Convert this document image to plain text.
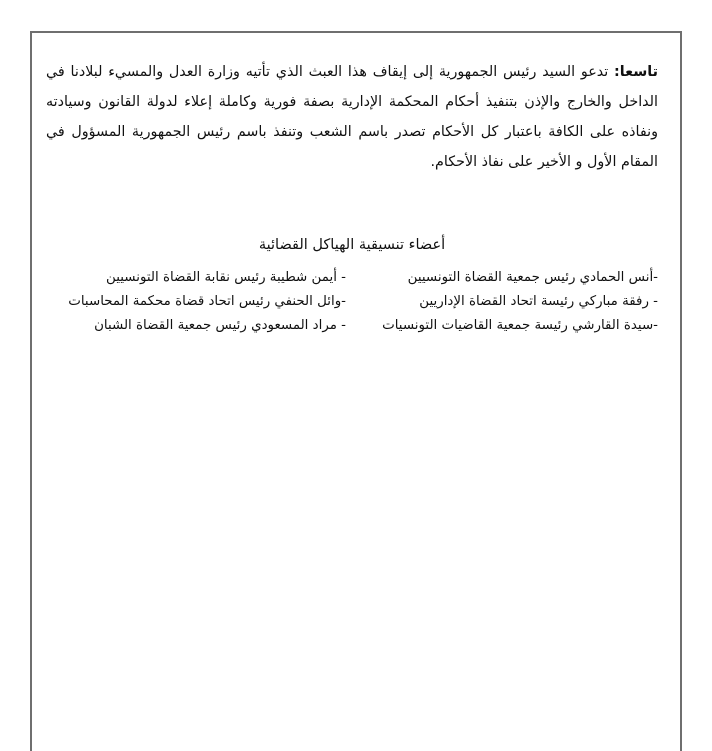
تاسعا: تدعو السيد رئيس الجمهورية إلى إيقاف هذا العبث الذي تأتيه وزارة العدل والمسيء لبلادنا في الداخل والخارج والإذن بتنفيذ أحكام المحكمة الإدارية بصفة فورية وكاملة إعلاء لدولة القانون وسيادته ونفاذه على الكافة باعتبار كل الأحكام تصدر باسم الشعب وتنفذ باسم رئيس الجمهورية المسؤول في المقام الأول و الأخير على نفاذ الأحكام.

أعضاء تنسيقية الهياكل القضائية
-أنس الحمادي رئيس جمعية القضاة التونسيين
- أيمن شطيبة رئيس نقابة القضاة التونسيين
- رفقة مباركي رئيسة اتحاد القضاة الإداريين
-وائل الحنفي رئيس اتحاد قضاة محكمة المحاسبات
-سيدة القارشي رئيسة جمعية القاضيات التونسيات
- مراد المسعودي رئيس جمعية القضاة الشبان
